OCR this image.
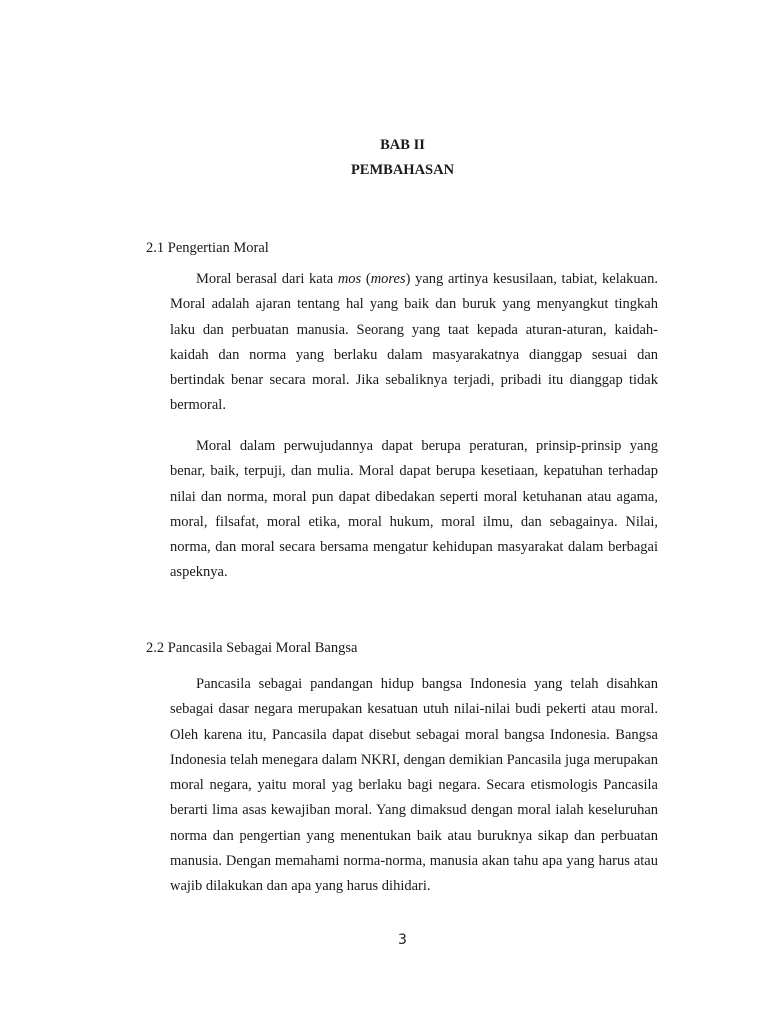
BAB II
PEMBAHASAN
2.1 Pengertian Moral

Moral berasal dari kata mos (mores) yang artinya kesusilaan, tabiat, kelakuan. Moral adalah ajaran tentang hal yang baik dan buruk yang menyangkut tingkah laku dan perbuatan manusia. Seorang yang taat kepada aturan-aturan, kaidah-kaidah dan norma yang berlaku dalam masyarakatnya dianggap sesuai dan bertindak benar secara moral. Jika sebaliknya terjadi, pribadi itu dianggap tidak bermoral.

Moral dalam perwujudannya dapat berupa peraturan, prinsip-prinsip yang benar, baik, terpuji, dan mulia. Moral dapat berupa kesetiaan, kepatuhan terhadap nilai dan norma, moral pun dapat dibedakan seperti moral ketuhanan atau agama, moral, filsafat, moral etika, moral hukum, moral ilmu, dan sebagainya. Nilai, norma, dan moral secara bersama mengatur kehidupan masyarakat dalam berbagai aspeknya.

2.2 Pancasila Sebagai Moral Bangsa

Pancasila sebagai pandangan hidup bangsa Indonesia yang telah disahkan sebagai dasar negara merupakan kesatuan utuh nilai-nilai budi pekerti atau moral. Oleh karena itu, Pancasila dapat disebut sebagai moral bangsa Indonesia. Bangsa Indonesia telah menegara dalam NKRI, dengan demikian Pancasila juga merupakan moral negara, yaitu moral yag berlaku bagi negara. Secara etismologis Pancasila berarti lima asas kewajiban moral. Yang dimaksud dengan moral ialah keseluruhan norma dan pengertian yang menentukan baik atau buruknya sikap dan perbuatan manusia. Dengan memahami norma-norma, manusia akan tahu apa yang harus atau wajib dilakukan dan apa yang harus dihidari.

3
